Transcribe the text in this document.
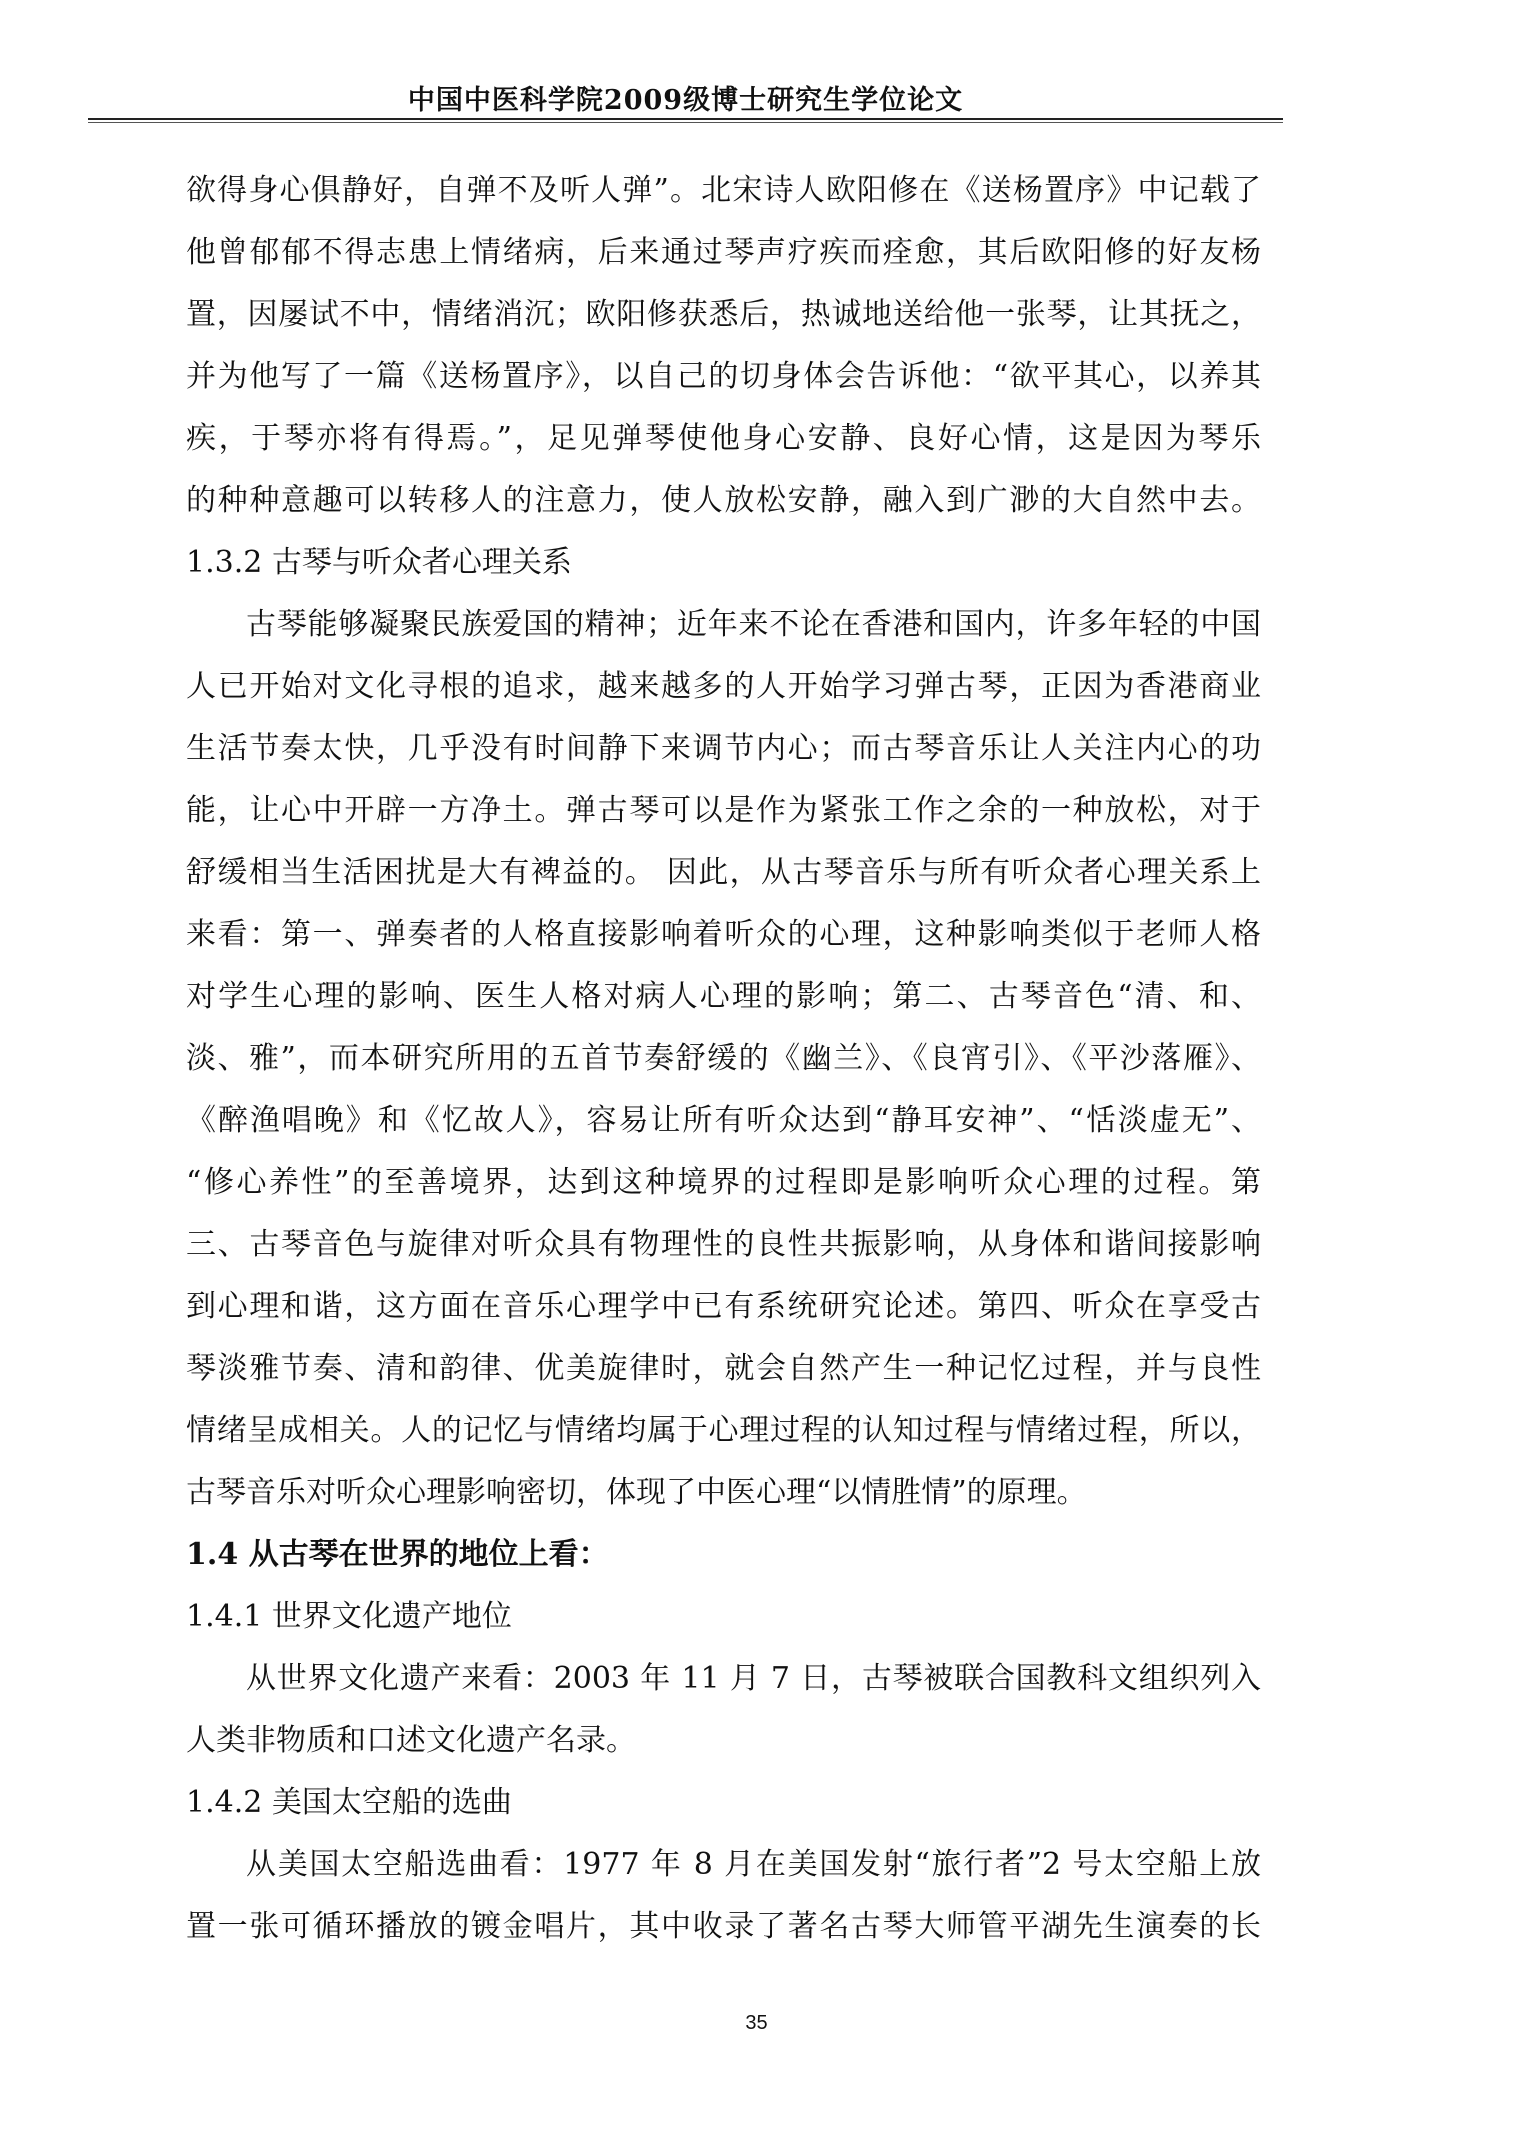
中国中医科学院2009级博士研究生学位论文
欲得身心俱静好，自弹不及听人弹”。北宋诗人欧阳修在《送杨置序》中记载了
他曾郁郁不得志患上情绪病，后来通过琴声疗疾而痊愈，其后欧阳修的好友杨
置，因屡试不中，情绪消沉；欧阳修获悉后，热诚地送给他一张琴，让其抚之，
并为他写了一篇《送杨置序》，以自己的切身体会告诉他：“欲平其心，以养其
疾，于琴亦将有得焉。”，足见弹琴使他身心安静、良好心情，这是因为琴乐
的种种意趣可以转移人的注意力，使人放松安静，融入到广渺的大自然中去。
1.3.2 古琴与听众者心理关系
古琴能够凝聚民族爱国的精神；近年来不论在香港和国内，许多年轻的中国
人已开始对文化寻根的追求，越来越多的人开始学习弹古琴，正因为香港商业
生活节奏太快，几乎没有时间静下来调节内心；而古琴音乐让人关注内心的功
能，让心中开辟一方净土。弹古琴可以是作为紧张工作之余的一种放松，对于
舒缓相当生活困扰是大有裨益的。 因此，从古琴音乐与所有听众者心理关系上
来看：第一、弹奏者的人格直接影响着听众的心理，这种影响类似于老师人格
对学生心理的影响、医生人格对病人心理的影响；第二、古琴音色“清、和、
淡、雅”，而本研究所用的五首节奏舒缓的《幽兰》、《良宵引》、《平沙落雁》、
《醉渔唱晚》和《忆故人》，容易让所有听众达到“静耳安神”、“恬淡虚无”、
“修心养性”的至善境界，达到这种境界的过程即是影响听众心理的过程。第
三、古琴音色与旋律对听众具有物理性的良性共振影响，从身体和谐间接影响
到心理和谐，这方面在音乐心理学中已有系统研究论述。第四、听众在享受古
琴淡雅节奏、清和韵律、优美旋律时，就会自然产生一种记忆过程，并与良性
情绪呈成相关。人的记忆与情绪均属于心理过程的认知过程与情绪过程，所以，
古琴音乐对听众心理影响密切，体现了中医心理“以情胜情”的原理。
1.4 从古琴在世界的地位上看：
1.4.1 世界文化遗产地位
从世界文化遗产来看：2003 年 11 月 7 日，古琴被联合国教科文组织列入
人类非物质和口述文化遗产名录。
1.4.2 美国太空船的选曲
从美国太空船选曲看：1977 年 8 月在美国发射“旅行者”2 号太空船上放
置一张可循环播放的镀金唱片，其中收录了著名古琴大师管平湖先生演奏的长
35
